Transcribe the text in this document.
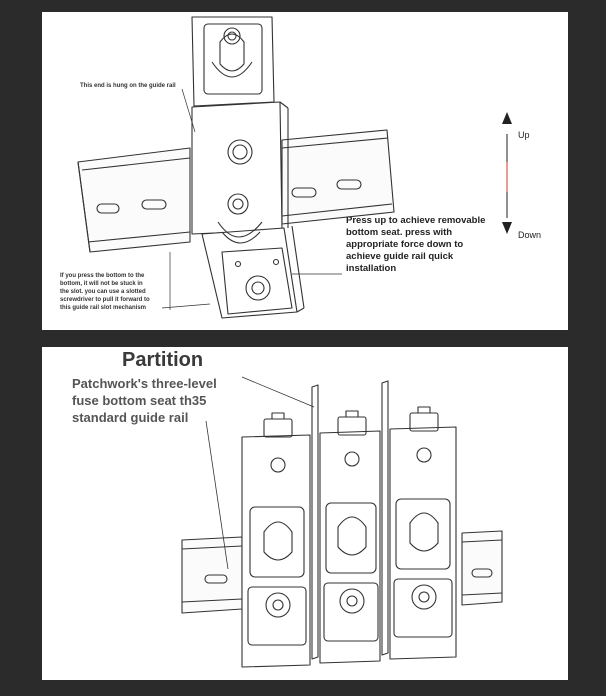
This end is hung on the guide rail
If you press the bottom to the
bottom, it will not be stuck in
the slot. you can use a slotted
screwdriver to pull it forward to
this guide rail slot mechanism
Press up to achieve removable
bottom seat. press with
appropriate force down to
achieve guide rail quick
installation
Up
Down
Partition
Patchwork's three-level
fuse bottom seat th35
standard guide rail
